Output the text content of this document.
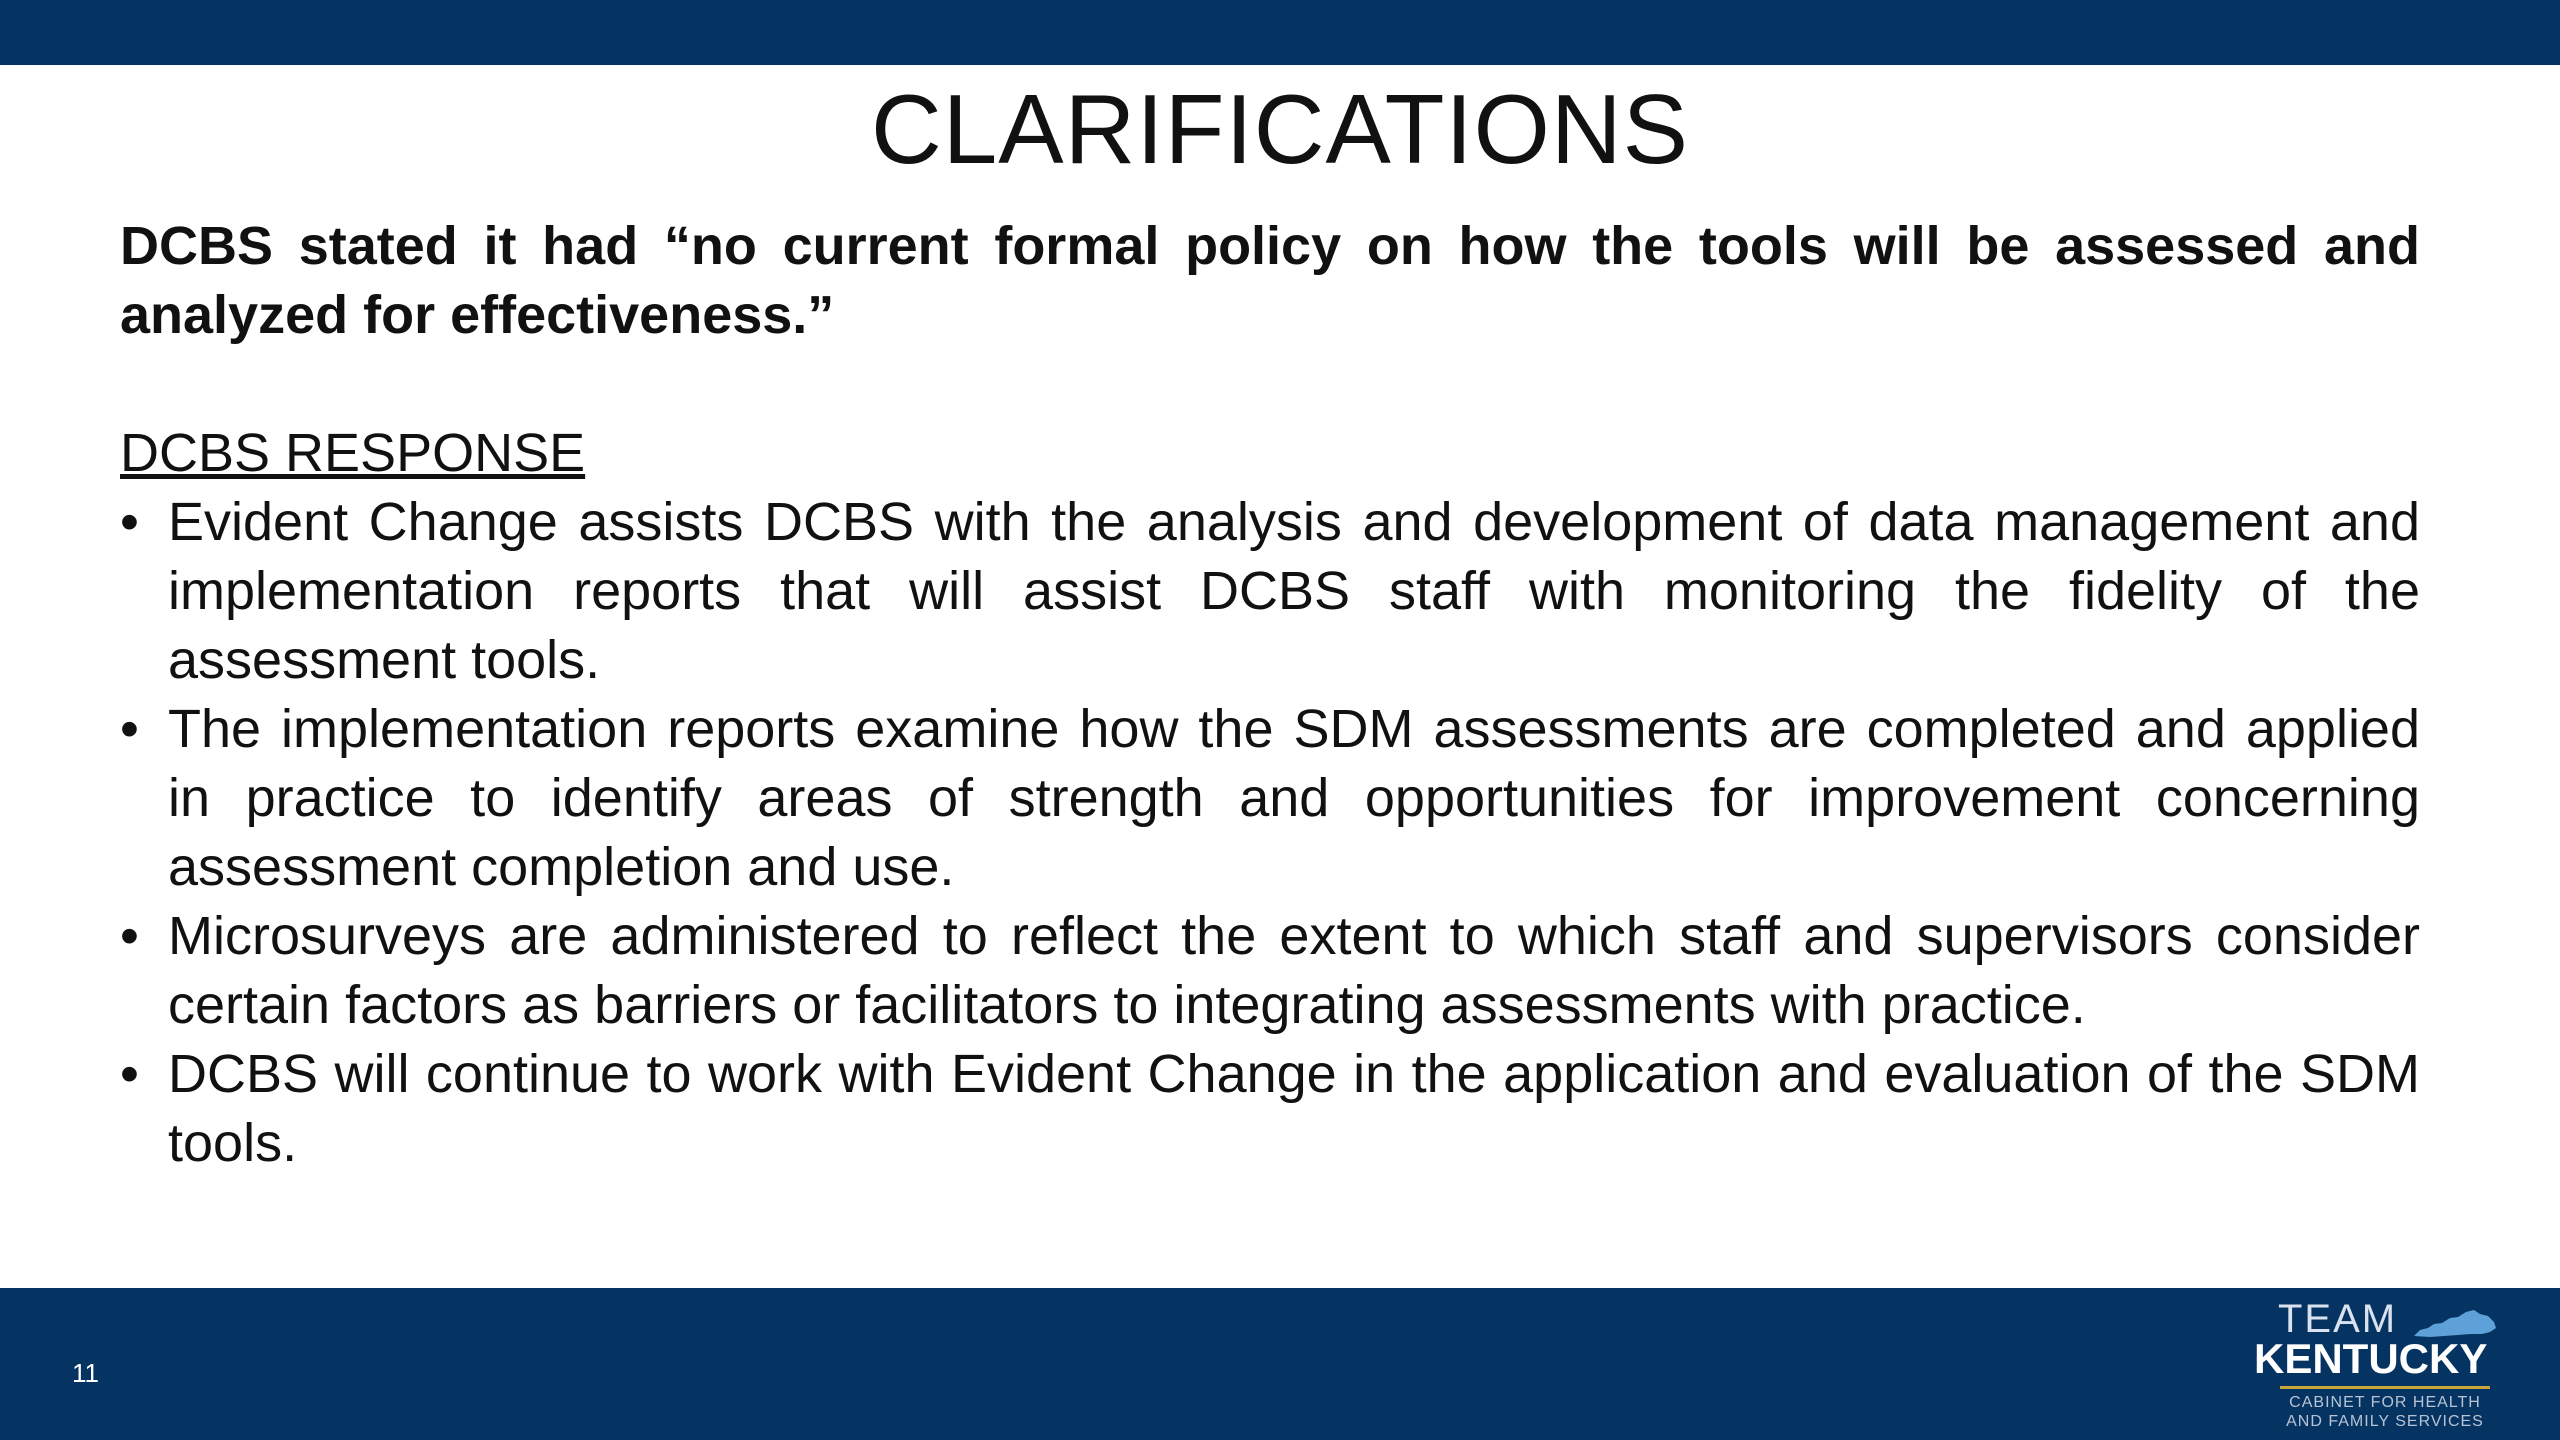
CLARIFICATIONS

DCBS stated it had “no current formal policy on how the tools will be assessed and analyzed for effectiveness.”

DCBS RESPONSE
• Evident Change assists DCBS with the analysis and development of data management and implementation reports that will assist DCBS staff with monitoring the fidelity of the assessment tools.
• The implementation reports examine how the SDM assessments are completed and applied in practice to identify areas of strength and opportunities for improvement concerning assessment completion and use.
• Microsurveys are administered to reflect the extent to which staff and supervisors consider certain factors as barriers or facilitators to integrating assessments with practice.
• DCBS will continue to work with Evident Change in the application and evaluation of the SDM tools.
11
TEAM
KENTUCKY
CABINET FOR HEALTH
AND FAMILY SERVICES
